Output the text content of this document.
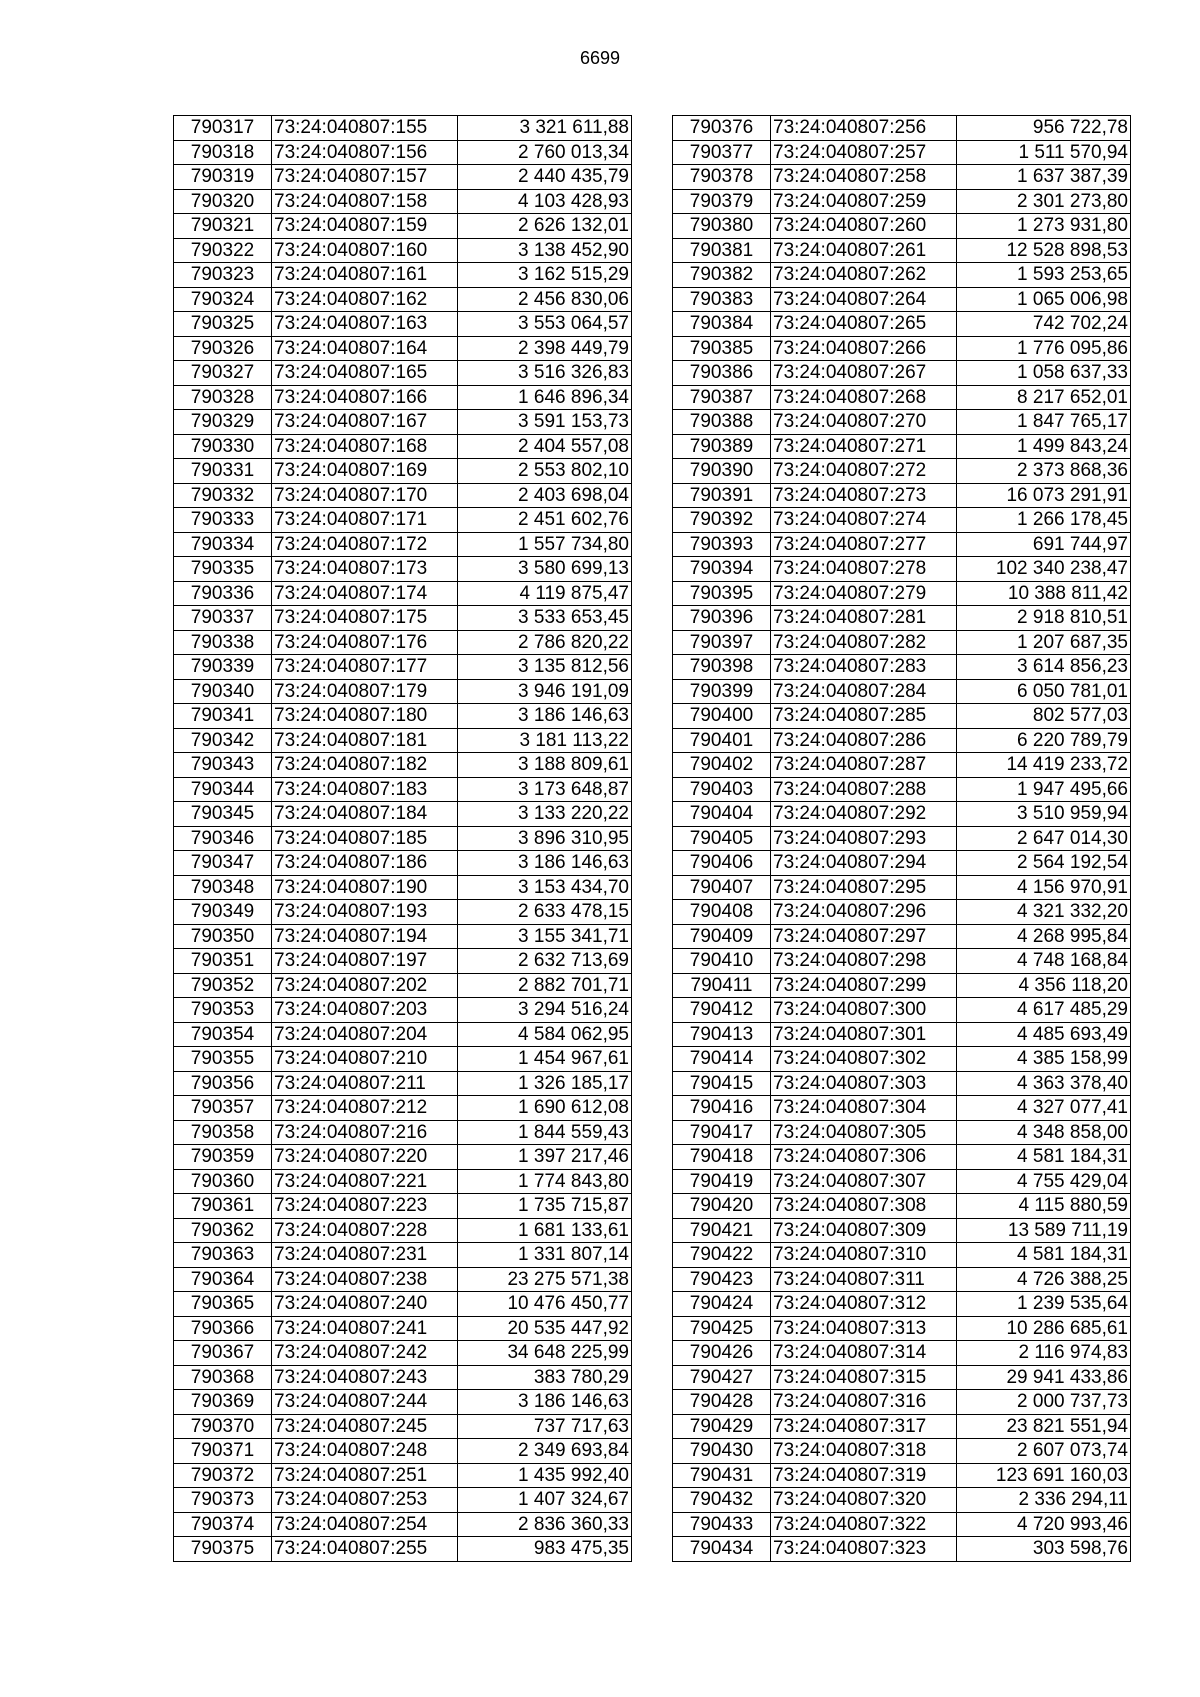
6699
790317	73:24:040807:155	3 321 611,88
790318	73:24:040807:156	2 760 013,34
790319	73:24:040807:157	2 440 435,79
790320	73:24:040807:158	4 103 428,93
790321	73:24:040807:159	2 626 132,01
790322	73:24:040807:160	3 138 452,90
790323	73:24:040807:161	3 162 515,29
790324	73:24:040807:162	2 456 830,06
790325	73:24:040807:163	3 553 064,57
790326	73:24:040807:164	2 398 449,79
790327	73:24:040807:165	3 516 326,83
790328	73:24:040807:166	1 646 896,34
790329	73:24:040807:167	3 591 153,73
790330	73:24:040807:168	2 404 557,08
790331	73:24:040807:169	2 553 802,10
790332	73:24:040807:170	2 403 698,04
790333	73:24:040807:171	2 451 602,76
790334	73:24:040807:172	1 557 734,80
790335	73:24:040807:173	3 580 699,13
790336	73:24:040807:174	4 119 875,47
790337	73:24:040807:175	3 533 653,45
790338	73:24:040807:176	2 786 820,22
790339	73:24:040807:177	3 135 812,56
790340	73:24:040807:179	3 946 191,09
790341	73:24:040807:180	3 186 146,63
790342	73:24:040807:181	3 181 113,22
790343	73:24:040807:182	3 188 809,61
790344	73:24:040807:183	3 173 648,87
790345	73:24:040807:184	3 133 220,22
790346	73:24:040807:185	3 896 310,95
790347	73:24:040807:186	3 186 146,63
790348	73:24:040807:190	3 153 434,70
790349	73:24:040807:193	2 633 478,15
790350	73:24:040807:194	3 155 341,71
790351	73:24:040807:197	2 632 713,69
790352	73:24:040807:202	2 882 701,71
790353	73:24:040807:203	3 294 516,24
790354	73:24:040807:204	4 584 062,95
790355	73:24:040807:210	1 454 967,61
790356	73:24:040807:211	1 326 185,17
790357	73:24:040807:212	1 690 612,08
790358	73:24:040807:216	1 844 559,43
790359	73:24:040807:220	1 397 217,46
790360	73:24:040807:221	1 774 843,80
790361	73:24:040807:223	1 735 715,87
790362	73:24:040807:228	1 681 133,61
790363	73:24:040807:231	1 331 807,14
790364	73:24:040807:238	23 275 571,38
790365	73:24:040807:240	10 476 450,77
790366	73:24:040807:241	20 535 447,92
790367	73:24:040807:242	34 648 225,99
790368	73:24:040807:243	383 780,29
790369	73:24:040807:244	3 186 146,63
790370	73:24:040807:245	737 717,63
790371	73:24:040807:248	2 349 693,84
790372	73:24:040807:251	1 435 992,40
790373	73:24:040807:253	1 407 324,67
790374	73:24:040807:254	2 836 360,33
790375	73:24:040807:255	983 475,35
790376	73:24:040807:256	956 722,78
790377	73:24:040807:257	1 511 570,94
790378	73:24:040807:258	1 637 387,39
790379	73:24:040807:259	2 301 273,80
790380	73:24:040807:260	1 273 931,80
790381	73:24:040807:261	12 528 898,53
790382	73:24:040807:262	1 593 253,65
790383	73:24:040807:264	1 065 006,98
790384	73:24:040807:265	742 702,24
790385	73:24:040807:266	1 776 095,86
790386	73:24:040807:267	1 058 637,33
790387	73:24:040807:268	8 217 652,01
790388	73:24:040807:270	1 847 765,17
790389	73:24:040807:271	1 499 843,24
790390	73:24:040807:272	2 373 868,36
790391	73:24:040807:273	16 073 291,91
790392	73:24:040807:274	1 266 178,45
790393	73:24:040807:277	691 744,97
790394	73:24:040807:278	102 340 238,47
790395	73:24:040807:279	10 388 811,42
790396	73:24:040807:281	2 918 810,51
790397	73:24:040807:282	1 207 687,35
790398	73:24:040807:283	3 614 856,23
790399	73:24:040807:284	6 050 781,01
790400	73:24:040807:285	802 577,03
790401	73:24:040807:286	6 220 789,79
790402	73:24:040807:287	14 419 233,72
790403	73:24:040807:288	1 947 495,66
790404	73:24:040807:292	3 510 959,94
790405	73:24:040807:293	2 647 014,30
790406	73:24:040807:294	2 564 192,54
790407	73:24:040807:295	4 156 970,91
790408	73:24:040807:296	4 321 332,20
790409	73:24:040807:297	4 268 995,84
790410	73:24:040807:298	4 748 168,84
790411	73:24:040807:299	4 356 118,20
790412	73:24:040807:300	4 617 485,29
790413	73:24:040807:301	4 485 693,49
790414	73:24:040807:302	4 385 158,99
790415	73:24:040807:303	4 363 378,40
790416	73:24:040807:304	4 327 077,41
790417	73:24:040807:305	4 348 858,00
790418	73:24:040807:306	4 581 184,31
790419	73:24:040807:307	4 755 429,04
790420	73:24:040807:308	4 115 880,59
790421	73:24:040807:309	13 589 711,19
790422	73:24:040807:310	4 581 184,31
790423	73:24:040807:311	4 726 388,25
790424	73:24:040807:312	1 239 535,64
790425	73:24:040807:313	10 286 685,61
790426	73:24:040807:314	2 116 974,83
790427	73:24:040807:315	29 941 433,86
790428	73:24:040807:316	2 000 737,73
790429	73:24:040807:317	23 821 551,94
790430	73:24:040807:318	2 607 073,74
790431	73:24:040807:319	123 691 160,03
790432	73:24:040807:320	2 336 294,11
790433	73:24:040807:322	4 720 993,46
790434	73:24:040807:323	303 598,76
